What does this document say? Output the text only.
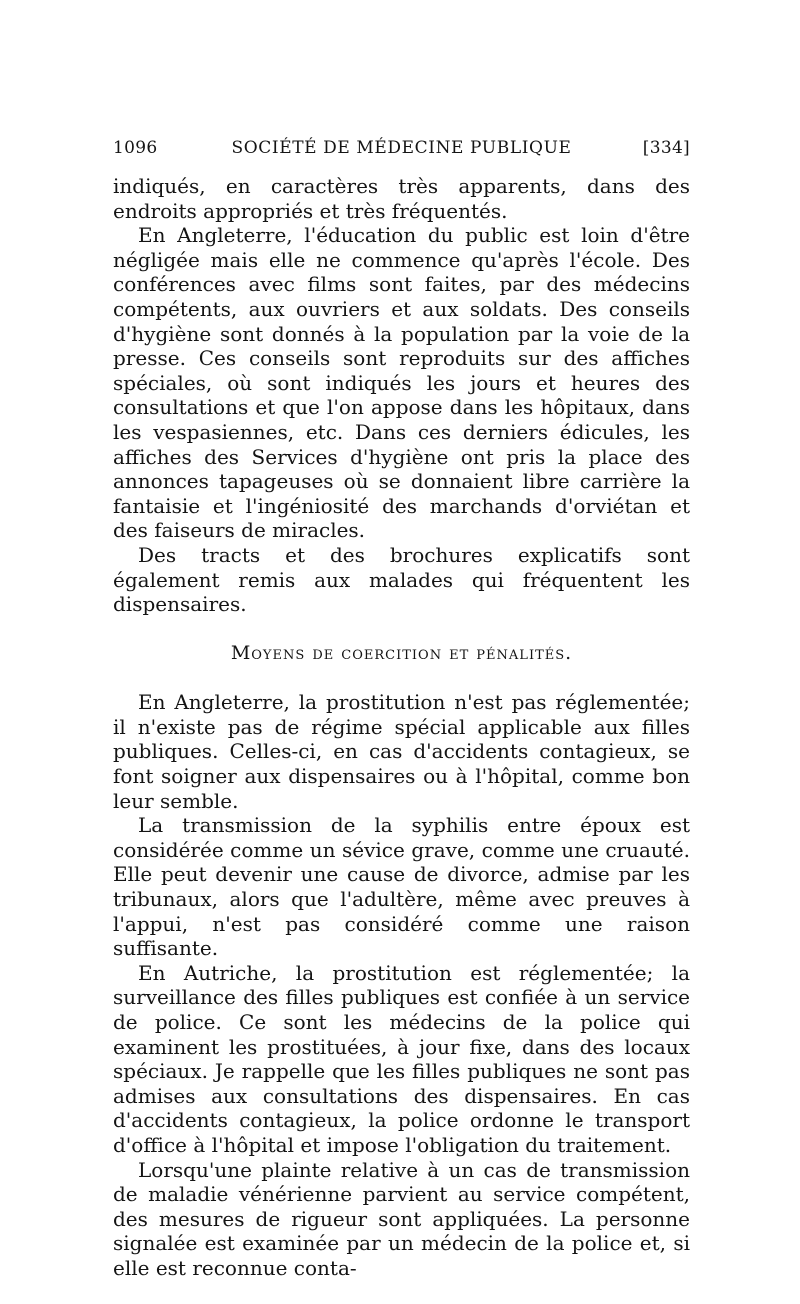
1096	SOCIÉTÉ DE MÉDECINE PUBLIQUE	[334]

indiqués, en caractères très apparents, dans des endroits appropriés et très fréquentés.

En Angleterre, l'éducation du public est loin d'être négligée mais elle ne commence qu'après l'école. Des conférences avec films sont faites, par des médecins compétents, aux ouvriers et aux soldats. Des conseils d'hygiène sont donnés à la population par la voie de la presse. Ces conseils sont reproduits sur des affiches spéciales, où sont indiqués les jours et heures des consultations et que l'on appose dans les hôpitaux, dans les vespasiennes, etc. Dans ces derniers édicules, les affiches des Services d'hygiène ont pris la place des annonces tapageuses où se donnaient libre carrière la fantaisie et l'ingéniosité des marchands d'orviétan et des faiseurs de miracles.

Des tracts et des brochures explicatifs sont également remis aux malades qui fréquentent les dispensaires.

Moyens de coercition et pénalités.

En Angleterre, la prostitution n'est pas réglementée; il n'existe pas de régime spécial applicable aux filles publiques. Celles-ci, en cas d'accidents contagieux, se font soigner aux dispensaires ou à l'hôpital, comme bon leur semble.

La transmission de la syphilis entre époux est considérée comme un sévice grave, comme une cruauté. Elle peut devenir une cause de divorce, admise par les tribunaux, alors que l'adultère, même avec preuves à l'appui, n'est pas considéré comme une raison suffisante.

En Autriche, la prostitution est réglementée; la surveillance des filles publiques est confiée à un service de police. Ce sont les médecins de la police qui examinent les prostituées, à jour fixe, dans des locaux spéciaux. Je rappelle que les filles publiques ne sont pas admises aux consultations des dispensaires. En cas d'accidents contagieux, la police ordonne le transport d'office à l'hôpital et impose l'obligation du traitement.

Lorsqu'une plainte relative à un cas de transmission de maladie vénérienne parvient au service compétent, des mesures de rigueur sont appliquées. La personne signalée est examinée par un médecin de la police et, si elle est reconnue conta-
